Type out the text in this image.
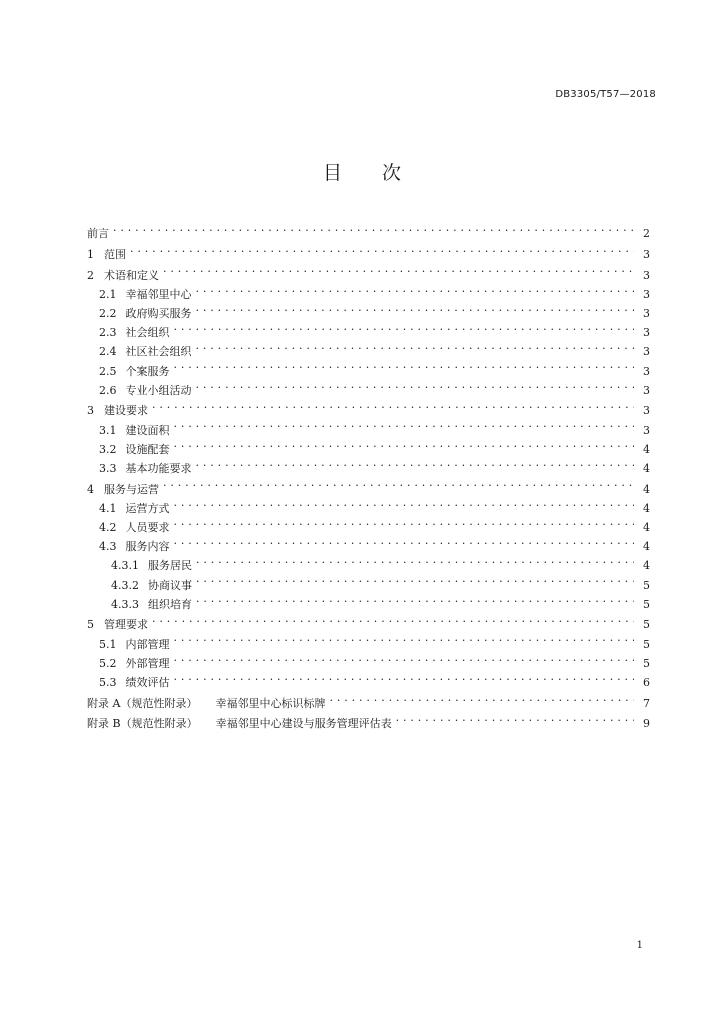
DB3305/T57—2018
目 次
前言 . . .	2
1 范围 . . .	3
2 术语和定义 . . .	3
2.1 幸福邻里中心 . . .	3
2.2 政府购买服务 . . .	3
2.3 社会组织 . . .	3
2.4 社区社会组织 . . .	3
2.5 个案服务 . . .	3
2.6 专业小组活动 . . .	3
3 建设要求 . . .	3
3.1 建设面积 . . .	3
3.2 设施配套 . . .	4
3.3 基本功能要求 . . .	4
4 服务与运营 . . .	4
4.1 运营方式 . . .	4
4.2 人员要求 . . .	4
4.3 服务内容 . . .	4
4.3.1 服务居民 . . .	4
4.3.2 协商议事 . . .	5
4.3.3 组织培育 . . .	5
5 管理要求 . . .	5
5.1 内部管理 . . .	5
5.2 外部管理 . . .	5
5.3 绩效评估 . . .	6
附录 A（规范性附录） 幸福邻里中心标识标牌 . . .	7
附录 B（规范性附录） 幸福邻里中心建设与服务管理评估表 . . .	9
1
